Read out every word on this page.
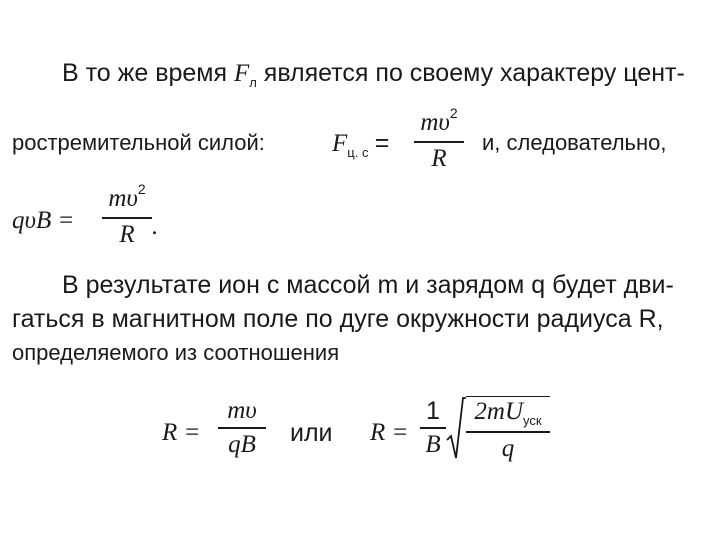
В то же время $F_л$ является по своему характеру цент-
ростремительной силой:	$F_{ц. с}$ =
$m\upsilon^2$
R
и, следовательно,
qυB =
$m\upsilon^2$
R .
В результате ион с массой m и зарядом q будет дви-
гаться в магнитном поле по дуге окружности радиуса R,
определяемого из соотношения
R =
mυ
qB	или R =
1
B
$2mU_{уск}$
q
